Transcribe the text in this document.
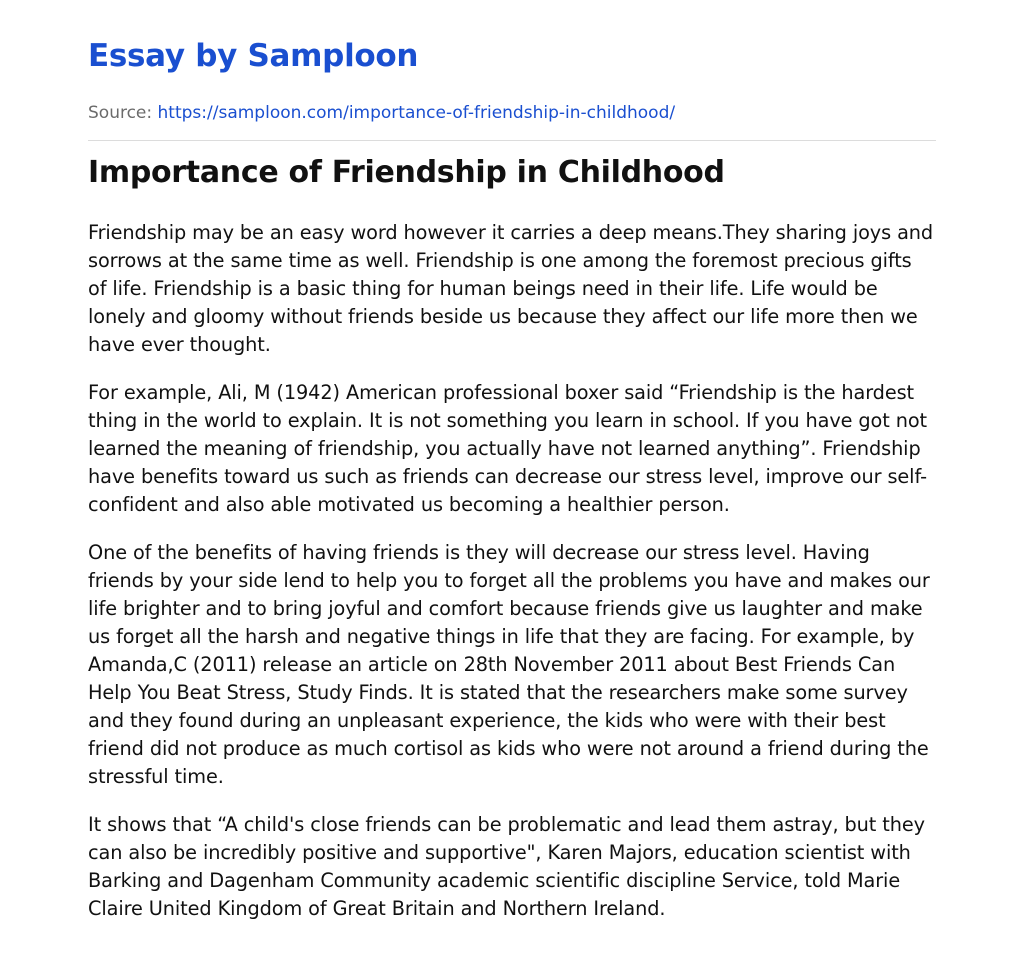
Essay by Samploon
Source: https://samploon.com/importance-of-friendship-in-childhood/
Importance of Friendship in Childhood

Friendship may be an easy word however it carries a deep means.They sharing joys and sorrows at the same time as well. Friendship is one among the foremost precious gifts of life. Friendship is a basic thing for human beings need in their life. Life would be lonely and gloomy without friends beside us because they affect our life more then we have ever thought.

For example, Ali, M (1942) American professional boxer said “Friendship is the hardest thing in the world to explain. It is not something you learn in school. If you have got not learned the meaning of friendship, you actually have not learned anything”. Friendship have benefits toward us such as friends can decrease our stress level, improve our self-confident and also able motivated us becoming a healthier person.

One of the benefits of having friends is they will decrease our stress level. Having friends by your side lend to help you to forget all the problems you have and makes our life brighter and to bring joyful and comfort because friends give us laughter and make us forget all the harsh and negative things in life that they are facing. For example, by Amanda,C (2011) release an article on 28th November 2011 about Best Friends Can Help You Beat Stress, Study Finds. It is stated that the researchers make some survey and they found during an unpleasant experience, the kids who were with their best friend did not produce as much cortisol as kids who were not around a friend during the stressful time.

It shows that “A child's close friends can be problematic and lead them astray, but they can also be incredibly positive and supportive", Karen Majors, education scientist with Barking and Dagenham Community academic scientific discipline Service, told Marie Claire United Kingdom of Great Britain and Northern Ireland.
